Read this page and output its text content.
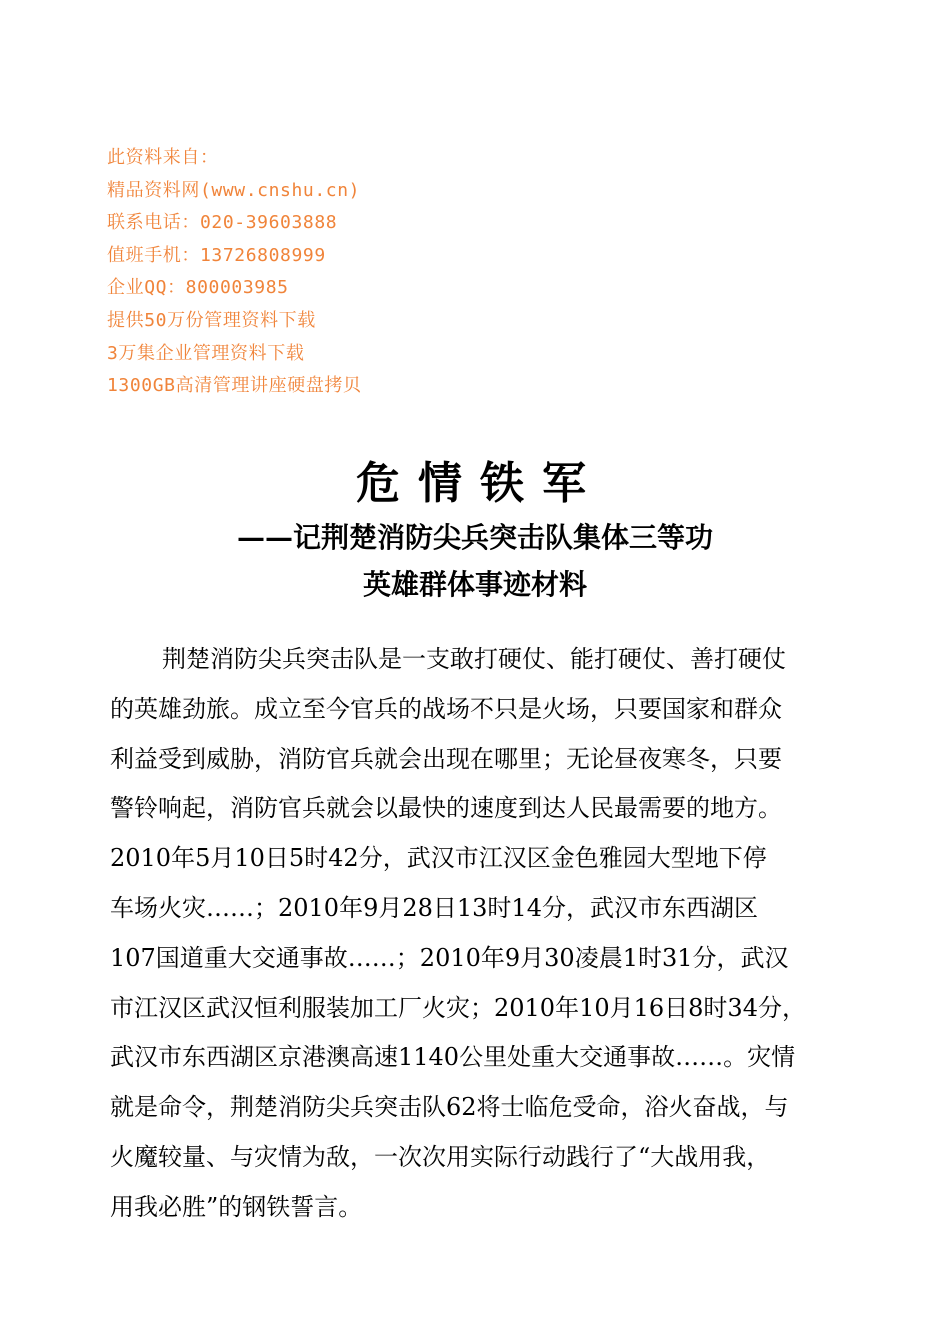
此资料来自：
精品资料网(www.cnshu.cn)
联系电话：020-39603888
值班手机：13726808999
企业QQ：800003985
提供50万份管理资料下载
3万集企业管理资料下载
1300GB高清管理讲座硬盘拷贝
危情铁军
——记荆楚消防尖兵突击队集体三等功
英雄群体事迹材料
荆楚消防尖兵突击队是一支敢打硬仗、能打硬仗、善打硬仗
的英雄劲旅。成立至今官兵的战场不只是火场，只要国家和群众
利益受到威胁，消防官兵就会出现在哪里；无论昼夜寒冬，只要
警铃响起，消防官兵就会以最快的速度到达人民最需要的地方。
2010年5月10日5时42分，武汉市江汉区金色雅园大型地下停
车场火灾……；2010年9月28日13时14分，武汉市东西湖区
107国道重大交通事故……；2010年9月30凌晨1时31分，武汉
市江汉区武汉恒利服装加工厂火灾；2010年10月16日8时34分，
武汉市东西湖区京港澳高速1140公里处重大交通事故……。灾情
就是命令，荆楚消防尖兵突击队62将士临危受命，浴火奋战，与
火魔较量、与灾情为敌，一次次用实际行动践行了“大战用我，
用我必胜”的钢铁誓言。
